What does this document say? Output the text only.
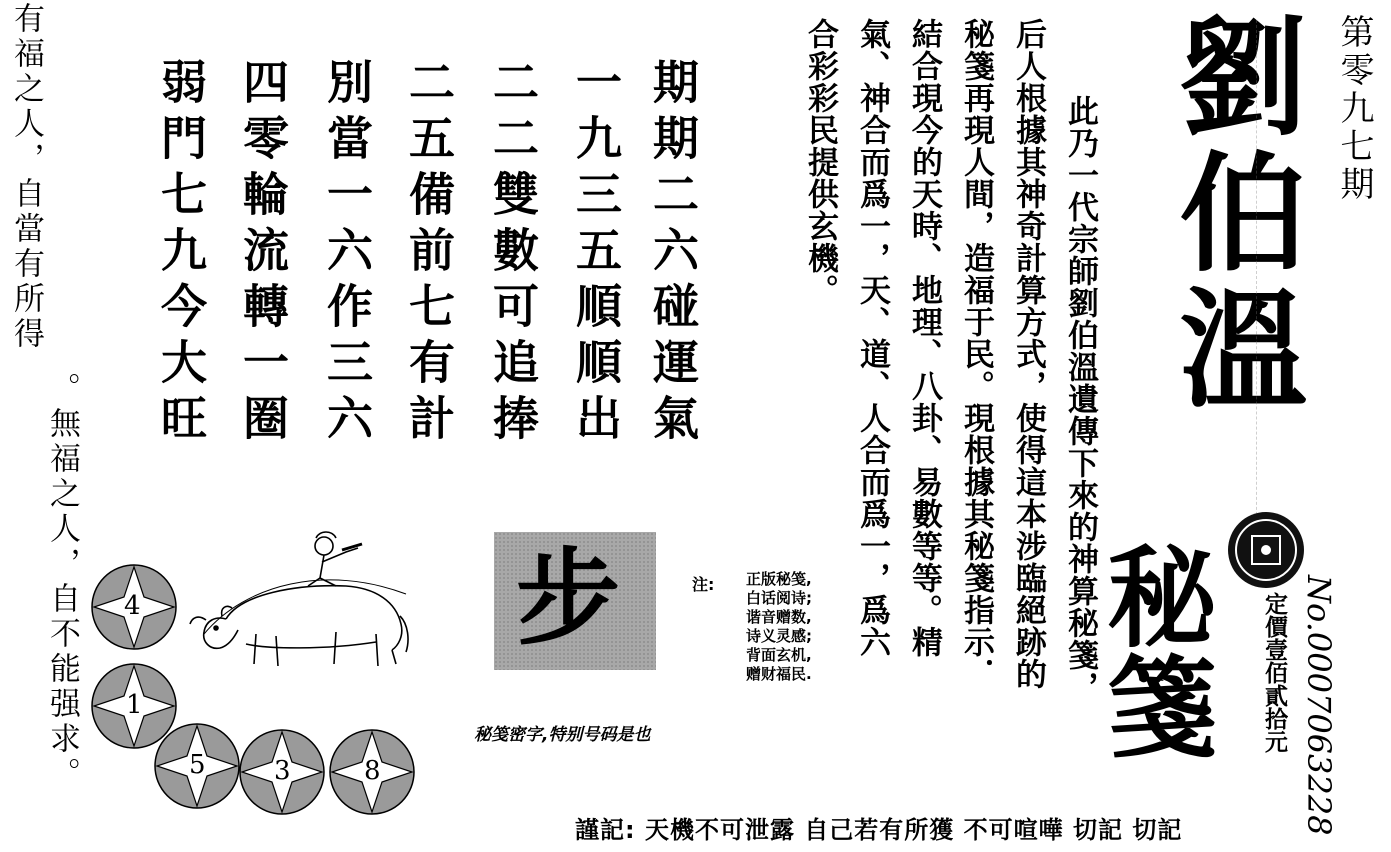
第零九七期
劉伯溫
秘箋 定價壹佰貳拾元 No.0007063228
此乃一代宗師劉伯溫遺傳下來的神算秘箋，
后人根據其神奇計算方式，使得這本涉臨絕跡的
秘箋再現人間，造福于民。現根據其秘箋指示．
結合現今的天時、地理、八卦、易數等等。精
氣、神合而爲一，天、道、人合而爲一，爲六
合彩彩民提供玄機。
期期二六碰運氣
一九三五順順出
二二雙數可追捧
二五備前七有計
別當一六作三六
四零輪流轉一圈
弱門七九今大旺
有福之人，自當有所得
。無福之人，自不能强求。
4
1
5	3	8
步
秘笺密字,特别号码是也
注: 正版秘笺,
白话阅诗;
谐音赠数,
诗义灵感;
背面玄机,
赠财福民.
謹記: 天機不可泄露 自己若有所獲 不可喧嘩 切記 切記
